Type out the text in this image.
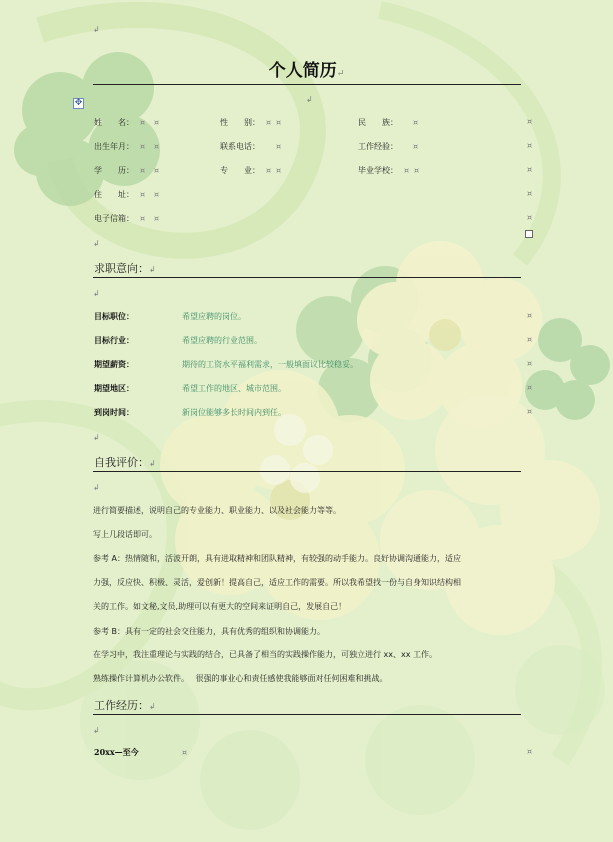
↲
个人简历↵
✥	↲
姓　　名： ¤ ¤	性　　别： ¤ ¤	民　　族： ¤	¤
出生年月： ¤ ¤	联系电话： ¤	工作经验： ¤	¤
学　　历： ¤ ¤	专　　业： ¤ ¤	毕业学校： ¤ ¤	¤
住　　址： ¤ ¤	¤
电子信箱： ¤ ¤	¤
↲
求职意向：↲
↲
目标职位：	希望应聘的岗位。	¤
目标行业：	希望应聘的行业范围。	¤
期望薪资：	期待的工资水平福利需求，一般填面议比较稳妥。	¤
期望地区：	希望工作的地区、城市范围。	¤
到岗时间：	新岗位能够多长时间内到任。	¤
↲
自我评价：↲
↲
进行简要描述，说明自己的专业能力、职业能力、以及社会能力等等。
写上几段话即可。
参考 A：热情随和，活波开朗，具有进取精神和团队精神，有较强的动手能力。良好协调沟通能力，适应
力强，反应快、积极、灵活，爱创新！提高自己，适应工作的需要。所以我希望找一份与自身知识结构相
关的工作。如文秘,文员,助理可以有更大的空间来证明自己，发展自己！
参考 B：具有一定的社会交往能力，具有优秀的组织和协调能力。
在学习中，我注重理论与实践的结合，已具备了相当的实践操作能力，可独立进行 xx、xx 工作。
熟练操作计算机办公软件。　 很强的事业心和责任感使我能够面对任何困难和挑战。
工作经历：↲
↲
20xx—至今	¤	¤
